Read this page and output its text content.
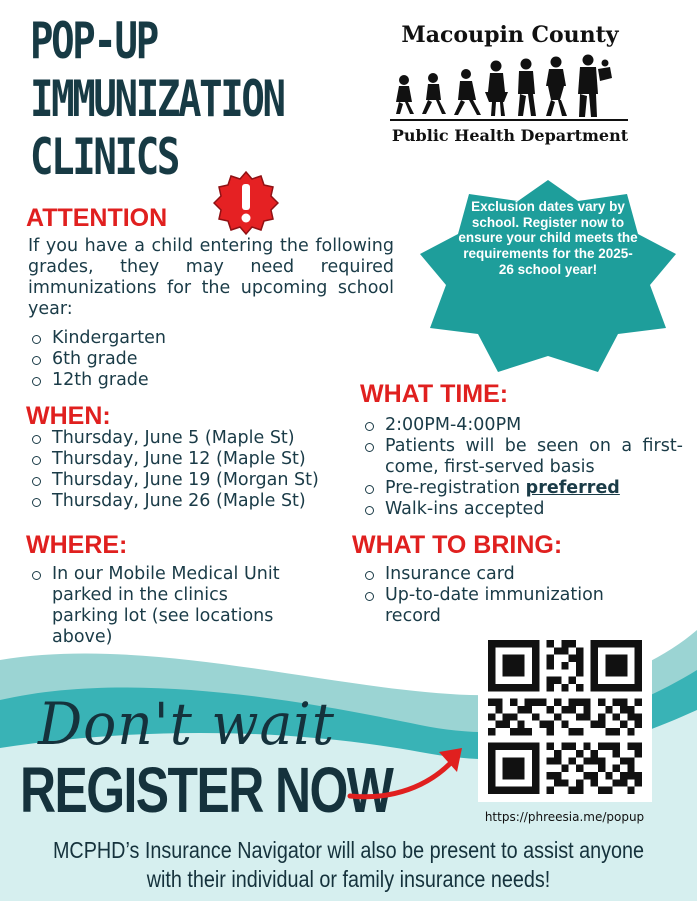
POP-UP
IMMUNIZATION
CLINICS
Macoupin County
Public Health Department
ATTENTION
If you have a child entering the following grades, they may need required immunizations for the upcoming school year:
Kindergarten
6th grade
12th grade
Exclusion dates vary by school. Register now to ensure your child meets the requirements for the 2025-26 school year!
WHEN:
Thursday, June 5 (Maple St)
Thursday, June 12 (Maple St)
Thursday, June 19 (Morgan St)
Thursday, June 26 (Maple St)
WHAT TIME:
2:00PM-4:00PM
Patients will be seen on a first-come, first-served basis
Pre-registration preferred
Walk-ins accepted
WHERE:
In our Mobile Medical Unit parked in the clinics parking lot (see locations above)
WHAT TO BRING:
Insurance card
Up-to-date immunization record
Don't wait
REGISTER NOW	https://phreesia.me/popup
MCPHD’s Insurance Navigator will also be present to assist anyone with their individual or family insurance needs!
